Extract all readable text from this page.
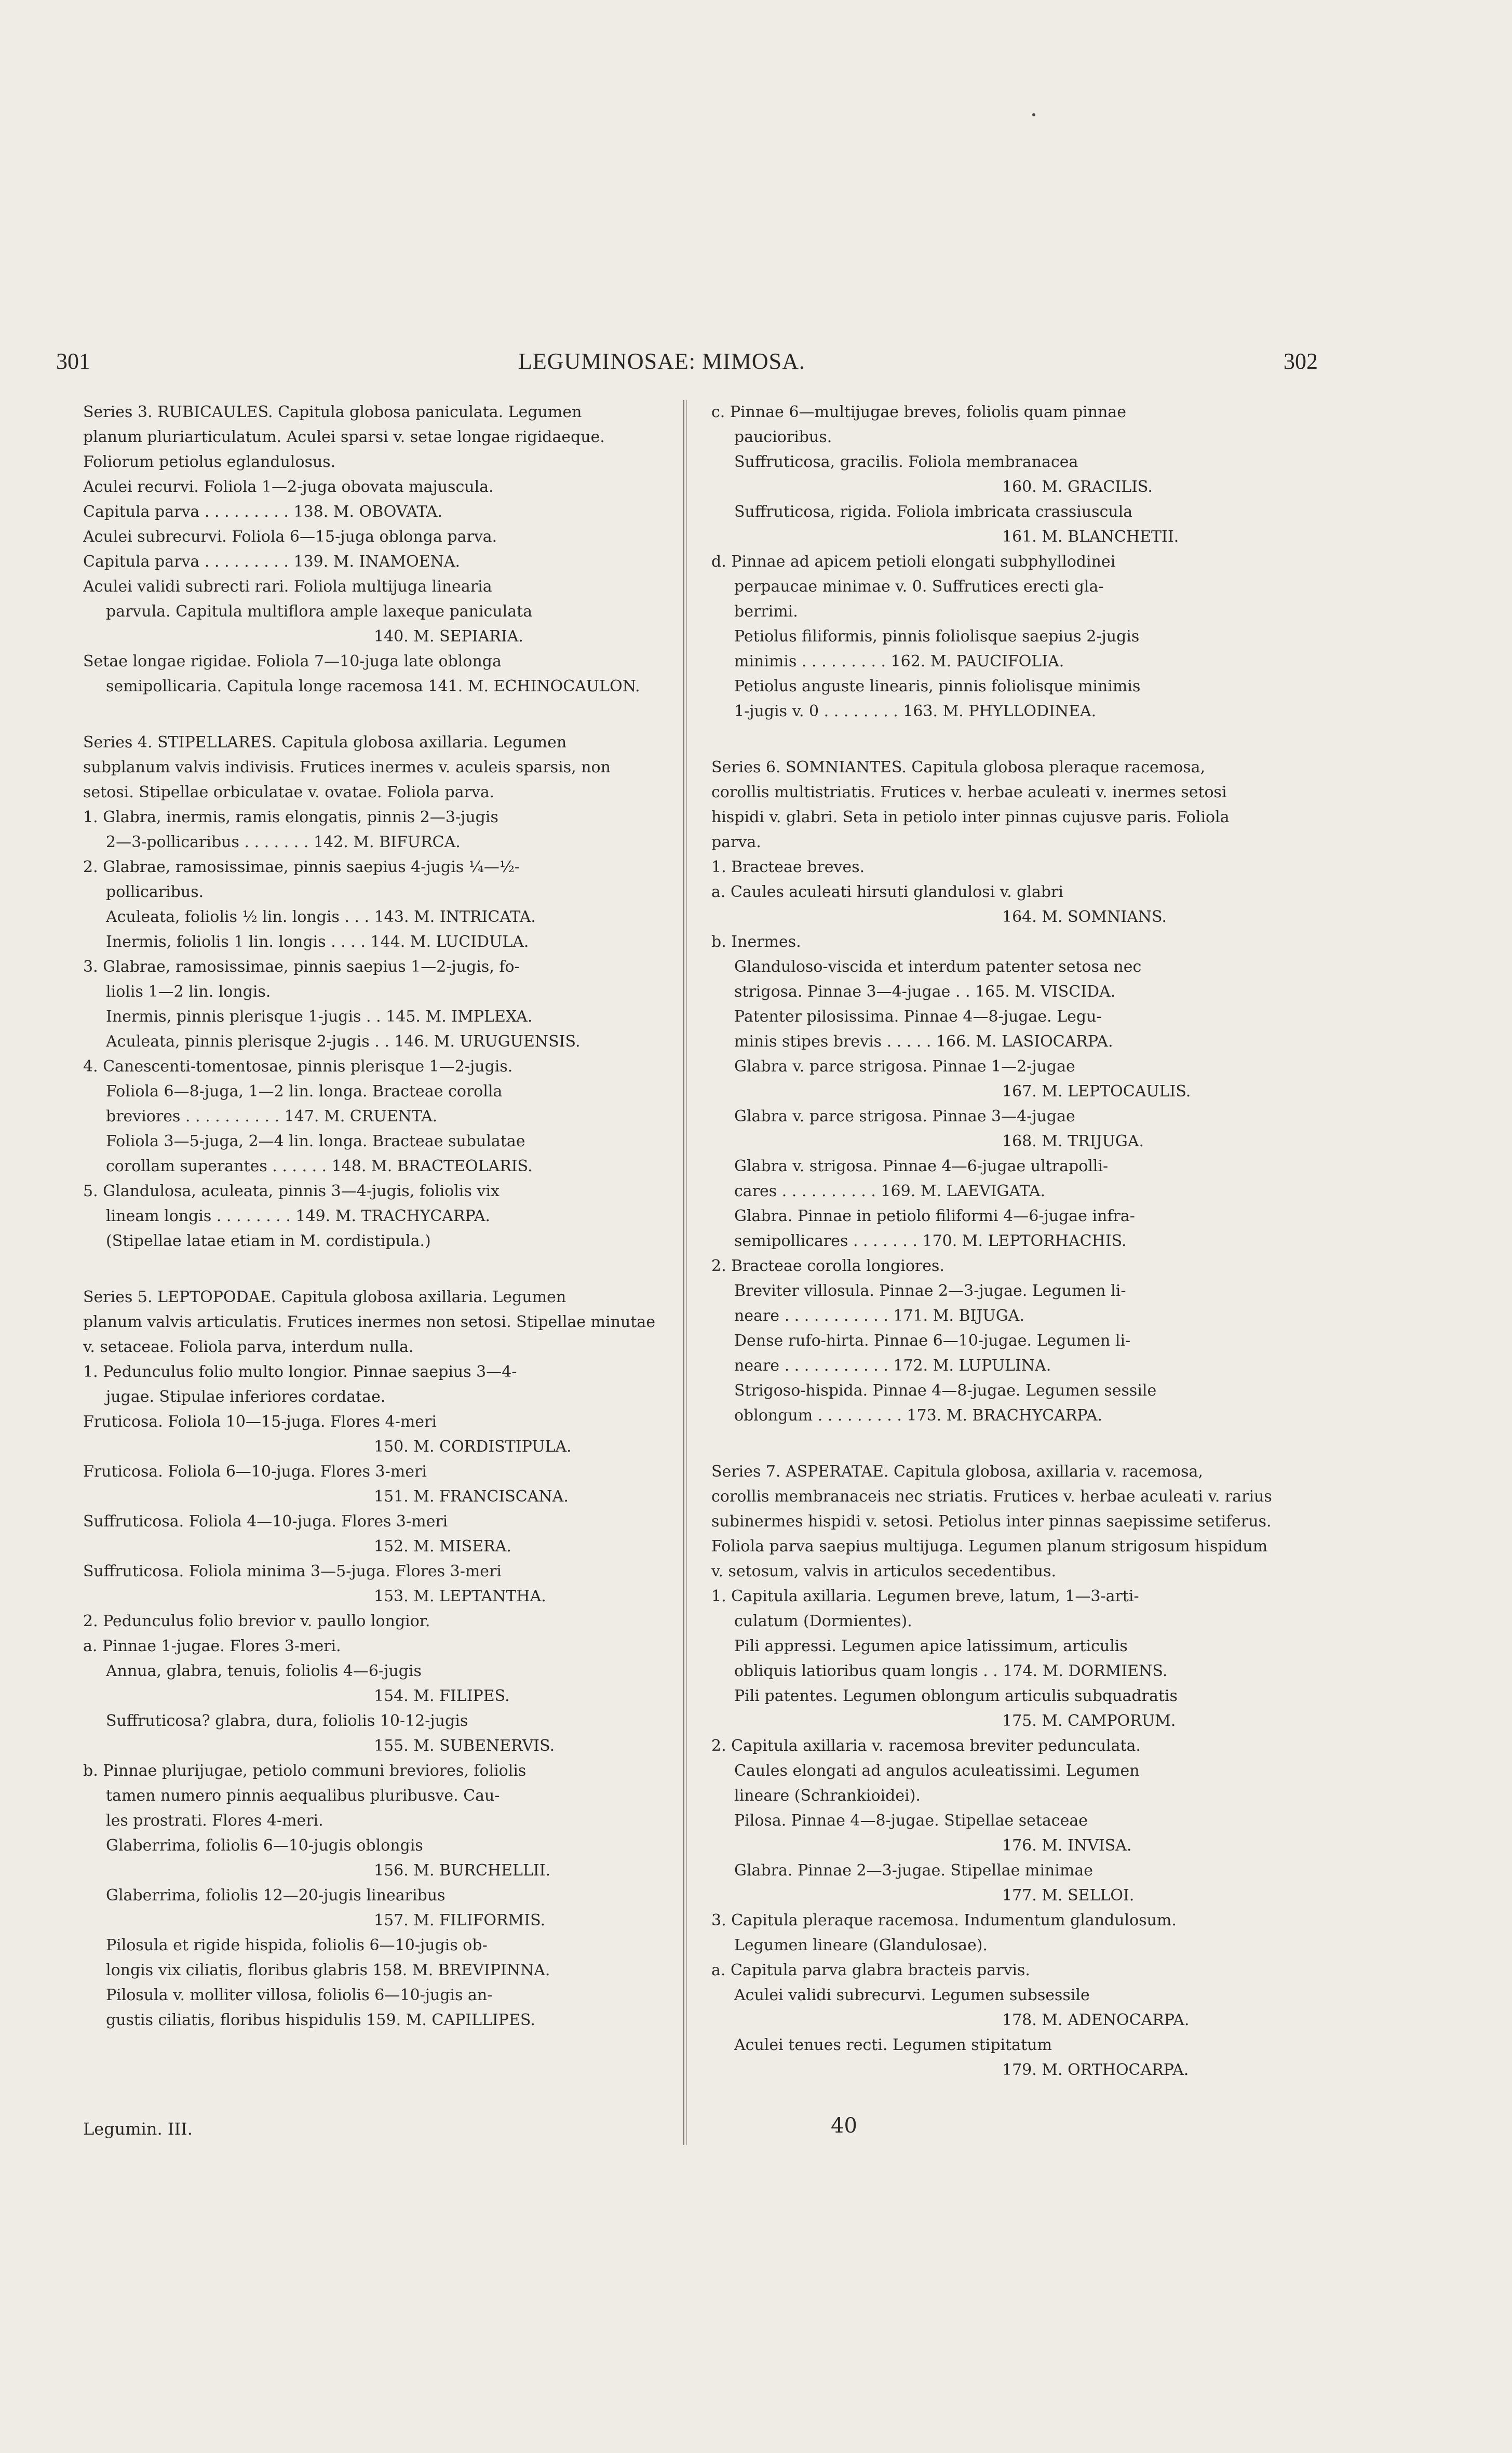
301	LEGUMINOSAE: MIMOSA.	302
Series 3. RUBICAULES. Capitula globosa paniculata. Legumen
planum pluriarticulatum. Aculei sparsi v. setae longae rigidaeque.
Foliorum petiolus eglandulosus.
Aculei recurvi. Foliola 1—2-juga obovata majuscula.
Capitula parva . . . . . . . . . 138. M. OBOVATA.
Aculei subrecurvi. Foliola 6—15-juga oblonga parva.
Capitula parva . . . . . . . . . 139. M. INAMOENA.
Aculei validi subrecti rari. Foliola multijuga linearia
parvula. Capitula multiflora ample laxeque paniculata
140. M. SEPIARIA.
Setae longae rigidae. Foliola 7—10-juga late oblonga
semipollicaria. Capitula longe racemosa 141. M. ECHINOCAULON.
Series 4. STIPELLARES. Capitula globosa axillaria. Legumen
subplanum valvis indivisis. Frutices inermes v. aculeis sparsis, non
setosi. Stipellae orbiculatae v. ovatae. Foliola parva.
1. Glabra, inermis, ramis elongatis, pinnis 2—3-jugis
2—3-pollicaribus . . . . . . . 142. M. BIFURCA.
2. Glabrae, ramosissimae, pinnis saepius 4-jugis ¼—½-
pollicaribus.
Aculeata, foliolis ½ lin. longis . . . 143. M. INTRICATA.
Inermis, foliolis 1 lin. longis . . . . 144. M. LUCIDULA.
3. Glabrae, ramosissimae, pinnis saepius 1—2-jugis, fo-
liolis 1—2 lin. longis.
Inermis, pinnis plerisque 1-jugis . . 145. M. IMPLEXA.
Aculeata, pinnis plerisque 2-jugis . . 146. M. URUGUENSIS.
4. Canescenti-tomentosae, pinnis plerisque 1—2-jugis.
Foliola 6—8-juga, 1—2 lin. longa. Bracteae corolla
breviores . . . . . . . . . . 147. M. CRUENTA.
Foliola 3—5-juga, 2—4 lin. longa. Bracteae subulatae
corollam superantes . . . . . . 148. M. BRACTEOLARIS.
5. Glandulosa, aculeata, pinnis 3—4-jugis, foliolis vix
lineam longis . . . . . . . . 149. M. TRACHYCARPA.
(Stipellae latae etiam in M. cordistipula.)
Series 5. LEPTOPODAE. Capitula globosa axillaria. Legumen
planum valvis articulatis. Frutices inermes non setosi. Stipellae minutae
v. setaceae. Foliola parva, interdum nulla.
1. Pedunculus folio multo longior. Pinnae saepius 3—4-
jugae. Stipulae inferiores cordatae.
Fruticosa. Foliola 10—15-juga. Flores 4-meri
150. M. CORDISTIPULA.
Fruticosa. Foliola 6—10-juga. Flores 3-meri
151. M. FRANCISCANA.
Suffruticosa. Foliola 4—10-juga. Flores 3-meri
152. M. MISERA.
Suffruticosa. Foliola minima 3—5-juga. Flores 3-meri
153. M. LEPTANTHA.
2. Pedunculus folio brevior v. paullo longior.
a. Pinnae 1-jugae. Flores 3-meri.
Annua, glabra, tenuis, foliolis 4—6-jugis
154. M. FILIPES.
Suffruticosa? glabra, dura, foliolis 10-12-jugis
155. M. SUBENERVIS.
b. Pinnae plurijugae, petiolo communi breviores, foliolis
tamen numero pinnis aequalibus pluribusve. Cau-
les prostrati. Flores 4-meri.
Glaberrima, foliolis 6—10-jugis oblongis
156. M. BURCHELLII.
Glaberrima, foliolis 12—20-jugis linearibus
157. M. FILIFORMIS.
Pilosula et rigide hispida, foliolis 6—10-jugis ob-
longis vix ciliatis, floribus glabris 158. M. BREVIPINNA.
Pilosula v. molliter villosa, foliolis 6—10-jugis an-
gustis ciliatis, floribus hispidulis 159. M. CAPILLIPES.
c. Pinnae 6—multijugae breves, foliolis quam pinnae
paucioribus.
Suffruticosa, gracilis. Foliola membranacea
160. M. GRACILIS.
Suffruticosa, rigida. Foliola imbricata crassiuscula
161. M. BLANCHETII.
d. Pinnae ad apicem petioli elongati subphyllodinei
perpaucae minimae v. 0. Suffrutices erecti gla-
berrimi.
Petiolus filiformis, pinnis foliolisque saepius 2-jugis
minimis . . . . . . . . . 162. M. PAUCIFOLIA.
Petiolus anguste linearis, pinnis foliolisque minimis
1-jugis v. 0 . . . . . . . . 163. M. PHYLLODINEA.
Series 6. SOMNIANTES. Capitula globosa pleraque racemosa,
corollis multistriatis. Frutices v. herbae aculeati v. inermes setosi
hispidi v. glabri. Seta in petiolo inter pinnas cujusve paris. Foliola
parva.
1. Bracteae breves.
a. Caules aculeati hirsuti glandulosi v. glabri
164. M. SOMNIANS.
b. Inermes.
Glanduloso-viscida et interdum patenter setosa nec
strigosa. Pinnae 3—4-jugae . . 165. M. VISCIDA.
Patenter pilosissima. Pinnae 4—8-jugae. Legu-
minis stipes brevis . . . . . 166. M. LASIOCARPA.
Glabra v. parce strigosa. Pinnae 1—2-jugae
167. M. LEPTOCAULIS.
Glabra v. parce strigosa. Pinnae 3—4-jugae
168. M. TRIJUGA.
Glabra v. strigosa. Pinnae 4—6-jugae ultrapolli-
cares . . . . . . . . . . 169. M. LAEVIGATA.
Glabra. Pinnae in petiolo filiformi 4—6-jugae infra-
semipollicares . . . . . . . 170. M. LEPTORHACHIS.
2. Bracteae corolla longiores.
Breviter villosula. Pinnae 2—3-jugae. Legumen li-
neare . . . . . . . . . . . 171. M. BIJUGA.
Dense rufo-hirta. Pinnae 6—10-jugae. Legumen li-
neare . . . . . . . . . . . 172. M. LUPULINA.
Strigoso-hispida. Pinnae 4—8-jugae. Legumen sessile
oblongum . . . . . . . . . 173. M. BRACHYCARPA.
Series 7. ASPERATAE. Capitula globosa, axillaria v. racemosa,
corollis membranaceis nec striatis. Frutices v. herbae aculeati v. rarius
subinermes hispidi v. setosi. Petiolus inter pinnas saepissime setiferus.
Foliola parva saepius multijuga. Legumen planum strigosum hispidum
v. setosum, valvis in articulos secedentibus.
1. Capitula axillaria. Legumen breve, latum, 1—3-arti-
culatum (Dormientes).
Pili appressi. Legumen apice latissimum, articulis
obliquis latioribus quam longis . . 174. M. DORMIENS.
Pili patentes. Legumen oblongum articulis subquadratis
175. M. CAMPORUM.
2. Capitula axillaria v. racemosa breviter pedunculata.
Caules elongati ad angulos aculeatissimi. Legumen
lineare (Schrankioidei).
Pilosa. Pinnae 4—8-jugae. Stipellae setaceae
176. M. INVISA.
Glabra. Pinnae 2—3-jugae. Stipellae minimae
177. M. SELLOI.
3. Capitula pleraque racemosa. Indumentum glandulosum.
Legumen lineare (Glandulosae).
a. Capitula parva glabra bracteis parvis.
Aculei validi subrecurvi. Legumen subsessile
178. M. ADENOCARPA.
Aculei tenues recti. Legumen stipitatum
179. M. ORTHOCARPA.
Legumin. III.	40
